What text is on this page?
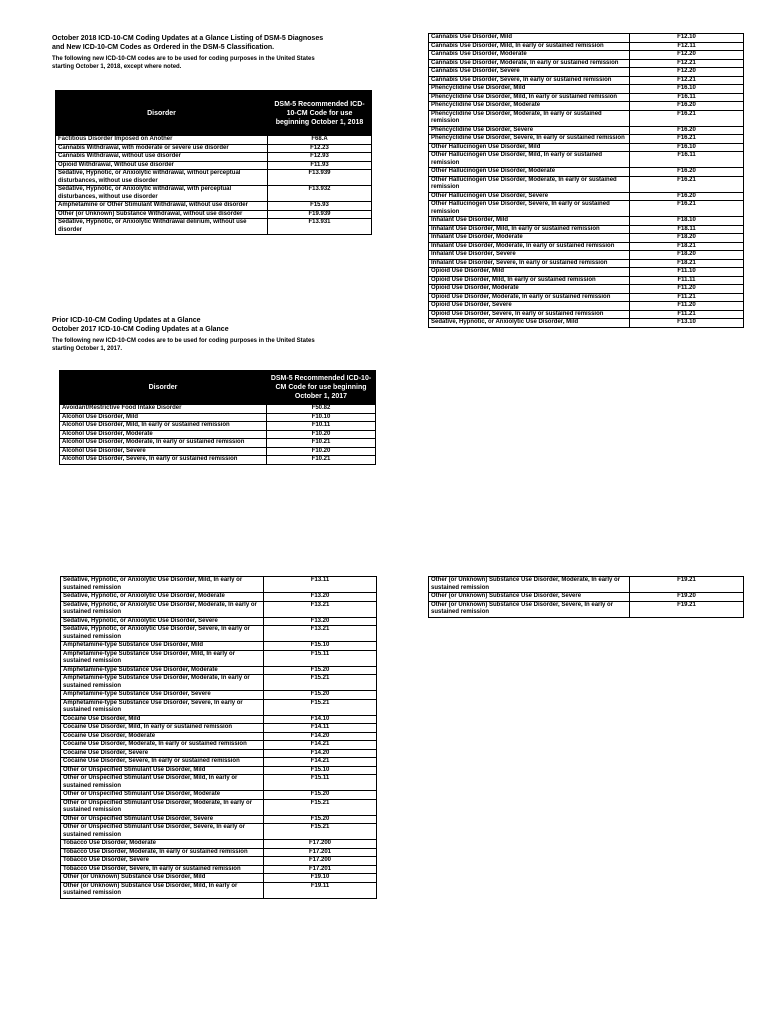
October 2018 ICD-10-CM Coding Updates at a Glance Listing of DSM-5 Diagnoses
and New ICD-10-CM Codes as Ordered in the DSM-5 Classification.
The following new ICD-10-CM codes are to be used for coding purposes in the United States
starting October 1, 2018, except where noted.
Disorder	DSM-5 Recommended ICD-10-CM Code for use beginning October 1, 2018
Factitious Disorder Imposed on Another	F68.A
Cannabis Withdrawal, with moderate or severe use disorder	F12.23
Cannabis Withdrawal, without use disorder	F12.93
Opioid Withdrawal, Without use disorder	F11.93
Sedative, Hypnotic, or Anxiolytic withdrawal, without perceptual disturbances, without use disorder	F13.939
Sedative, Hypnotic, or Anxiolytic withdrawal, with perceptual disturbances, without use disorder	F13.932
Amphetamine or Other Stimulant Withdrawal, without use disorder	F15.93
Other (or Unknown) Substance Withdrawal, without use disorder	F19.939
Sedative, Hypnotic, or Anxiolytic Withdrawal delirium, without use disorder	F13.931
Prior ICD-10-CM Coding Updates at a Glance
October 2017 ICD-10-CM Coding Updates at a Glance
The following new ICD-10-CM codes are to be used for coding purposes in the United States
starting October 1, 2017.
Disorder	DSM-5 Recommended ICD-10-CM Code for use beginning October 1, 2017
Avoidant/Restrictive Food Intake Disorder	F50.82
Alcohol Use Disorder, Mild	F10.10
Alcohol Use Disorder, Mild, In early or sustained remission	F10.11
Alcohol Use Disorder, Moderate	F10.20
Alcohol Use Disorder, Moderate, In early or sustained remission	F10.21
Alcohol Use Disorder, Severe	F10.20
Alcohol Use Disorder, Severe, In early or sustained remission	F10.21
Cannabis Use Disorder, Mild	F12.10
Cannabis Use Disorder, Mild, In early or sustained remission	F12.11
Cannabis Use Disorder, Moderate	F12.20
Cannabis Use Disorder, Moderate, In early or sustained remission	F12.21
Cannabis Use Disorder, Severe	F12.20
Cannabis Use Disorder, Severe, In early or sustained remission	F12.21
Phencyclidine Use Disorder, Mild	F16.10
Phencyclidine Use Disorder, Mild, In early or sustained remission	F16.11
Phencyclidine Use Disorder, Moderate	F16.20
Phencyclidine Use Disorder, Moderate, In early or sustained remission	F16.21
Phencyclidine Use Disorder, Severe	F16.20
Phencyclidine Use Disorder, Severe, In early or sustained remission	F16.21
Other Hallucinogen Use Disorder, Mild	F16.10
Other Hallucinogen Use Disorder, Mild, In early or sustained remission	F16.11
Other Hallucinogen Use Disorder, Moderate	F16.20
Other Hallucinogen Use Disorder, Moderate, In early or sustained remission	F16.21
Other Hallucinogen Use Disorder, Severe	F16.20
Other Hallucinogen Use Disorder, Severe, In early or sustained remission	F16.21
Inhalant Use Disorder, Mild	F18.10
Inhalant Use Disorder, Mild, In early or sustained remission	F18.11
Inhalant Use Disorder, Moderate	F18.20
Inhalant Use Disorder, Moderate, In early or sustained remission	F18.21
Inhalant Use Disorder, Severe	F18.20
Inhalant Use Disorder, Severe, In early or sustained remission	F18.21
Opioid Use Disorder, Mild	F11.10
Opioid Use Disorder, Mild, In early or sustained remission	F11.11
Opioid Use Disorder, Moderate	F11.20
Opioid Use Disorder, Moderate, In early or sustained remission	F11.21
Opioid Use Disorder, Severe	F11.20
Opioid Use Disorder, Severe, In early or sustained remission	F11.21
Sedative, Hypnotic, or Anxiolytic Use Disorder, Mild	F13.10
Sedative, Hypnotic, or Anxiolytic Use Disorder, Mild, In early or sustained remission	F13.11
Sedative, Hypnotic, or Anxiolytic Use Disorder, Moderate	F13.20
Sedative, Hypnotic, or Anxiolytic Use Disorder, Moderate, In early or sustained remission	F13.21
Sedative, Hypnotic, or Anxiolytic Use Disorder, Severe	F13.20
Sedative, Hypnotic, or Anxiolytic Use Disorder, Severe, In early or sustained remission	F13.21
Amphetamine-type Substance Use Disorder, Mild	F15.10
Amphetamine-type Substance Use Disorder, Mild, In early or sustained remission	F15.11
Amphetamine-type Substance Use Disorder, Moderate	F15.20
Amphetamine-type Substance Use Disorder, Moderate, In early or sustained remission	F15.21
Amphetamine-type Substance Use Disorder, Severe	F15.20
Amphetamine-type Substance Use Disorder, Severe, In early or sustained remission	F15.21
Cocaine Use Disorder, Mild	F14.10
Cocaine Use Disorder, Mild, In early or sustained remission	F14.11
Cocaine Use Disorder, Moderate	F14.20
Cocaine Use Disorder, Moderate, In early or sustained remission	F14.21
Cocaine Use Disorder, Severe	F14.20
Cocaine Use Disorder, Severe, In early or sustained remission	F14.21
Other or Unspecified Stimulant Use Disorder, Mild	F15.10
Other or Unspecified Stimulant Use Disorder, Mild, In early or sustained remission	F15.11
Other or Unspecified Stimulant Use Disorder, Moderate	F15.20
Other or Unspecified Stimulant Use Disorder, Moderate, In early or sustained remission	F15.21
Other or Unspecified Stimulant Use Disorder, Severe	F15.20
Other or Unspecified Stimulant Use Disorder, Severe, In early or sustained remission	F15.21
Tobacco Use Disorder, Moderate	F17.200
Tobacco Use Disorder, Moderate, In early or sustained remission	F17.201
Tobacco Use Disorder, Severe	F17.200
Tobacco Use Disorder, Severe, In early or sustained remission	F17.201
Other (or Unknown) Substance Use Disorder, Mild	F19.10
Other (or Unknown) Substance Use Disorder, Mild, In early or sustained remission	F19.11
Other (or Unknown) Substance Use Disorder, Moderate, In early or sustained remission	F19.21
Other (or Unknown) Substance Use Disorder, Severe	F19.20
Other (or Unknown) Substance Use Disorder, Severe, In early or sustained remission	F19.21
